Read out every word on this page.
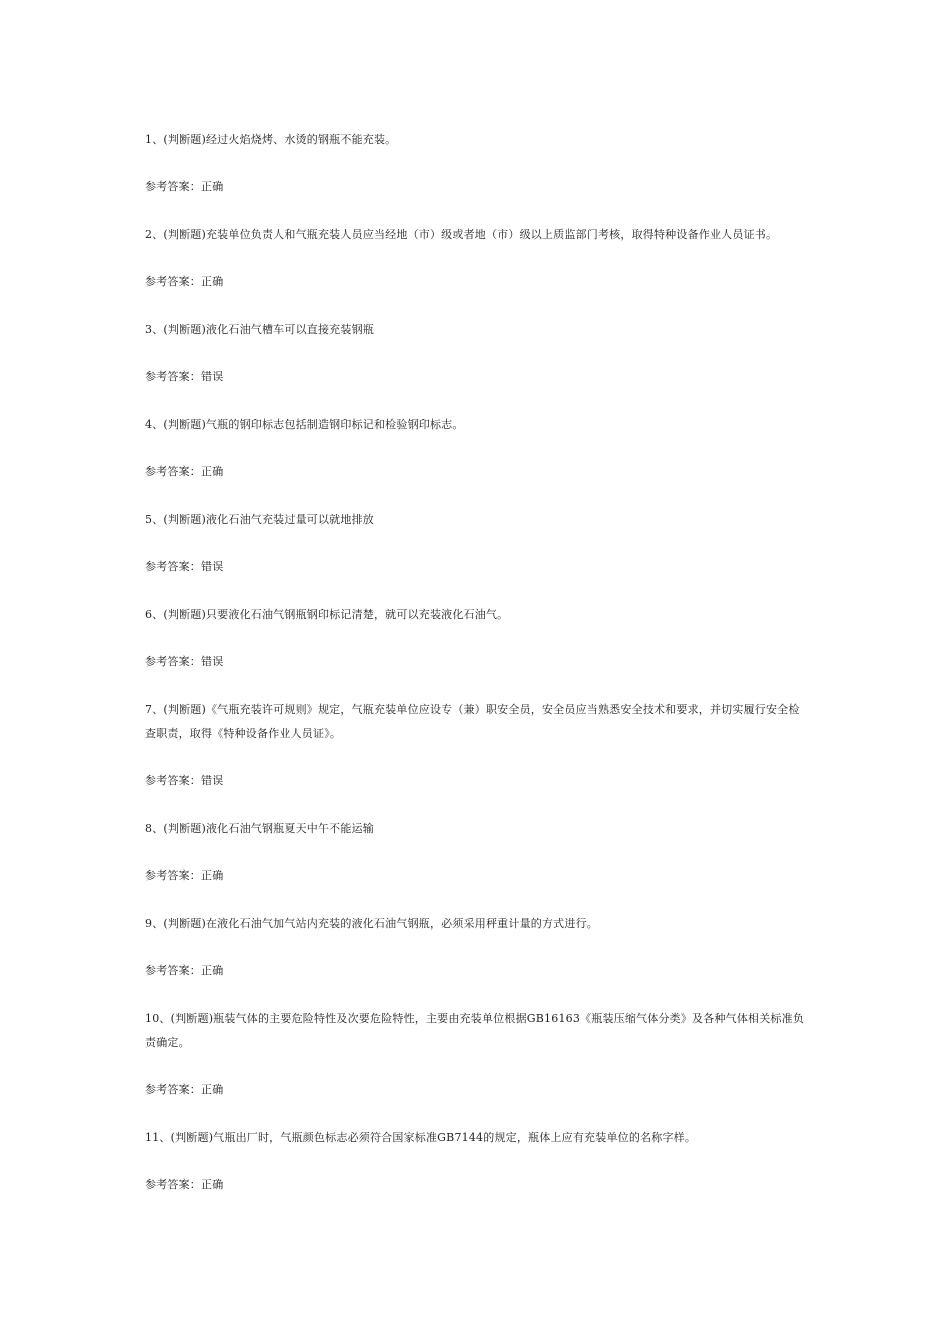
1、(判断题)经过火焰烧烤、水烫的钢瓶不能充装。

参考答案：正确

2、(判断题)充装单位负责人和气瓶充装人员应当经地（市）级或者地（市）级以上质监部门考核，取得特种设备作业人员证书。

参考答案：正确

3、(判断题)液化石油气槽车可以直接充装钢瓶

参考答案：错误

4、(判断题)气瓶的钢印标志包括制造钢印标记和检验钢印标志。

参考答案：正确

5、(判断题)液化石油气充装过量可以就地排放

参考答案：错误

6、(判断题)只要液化石油气钢瓶钢印标记清楚，就可以充装液化石油气。

参考答案：错误

7、(判断题)《气瓶充装许可规则》规定，气瓶充装单位应设专（兼）职安全员，安全员应当熟悉安全技术和要求，并切实履行安全检查职责，取得《特种设备作业人员证》。

参考答案：错误

8、(判断题)液化石油气钢瓶夏天中午不能运输

参考答案：正确

9、(判断题)在液化石油气加气站内充装的液化石油气钢瓶，必须采用秤重计量的方式进行。

参考答案：正确

10、(判断题)瓶装气体的主要危险特性及次要危险特性，主要由充装单位根据GB16163《瓶装压缩气体分类》及各种气体相关标准负责确定。

参考答案：正确

11、(判断题)气瓶出厂时，气瓶颜色标志必须符合国家标准GB7144的规定，瓶体上应有充装单位的名称字样。

参考答案：正确
